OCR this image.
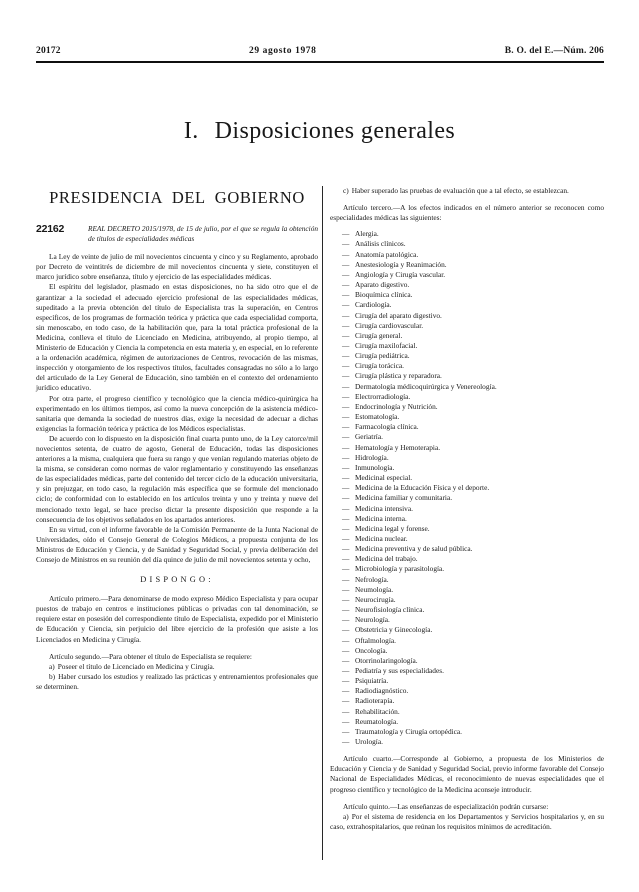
20172	29 agosto 1978	B. O. del E.—Núm. 206
I. Disposiciones generales
PRESIDENCIA DEL GOBIERNO
22162	REAL DECRETO 2015/1978, de 15 de julio, por el que se regula la obtención de títulos de especialidades médicas

La Ley de veinte de julio de mil novecientos cincuenta y cinco y su Reglamento, aprobado por Decreto de veintitrés de diciembre de mil novecientos cincuenta y siete, constituyen el marco jurídico sobre enseñanza, título y ejercicio de las especialidades médicas.

El espíritu del legislador, plasmado en estas disposiciones, no ha sido otro que el de garantizar a la sociedad el adecuado ejercicio profesional de las especialidades médicas, supeditado a la previa obtención del título de Especialista tras la superación, en Centros específicos, de los programas de formación teórica y práctica que cada especialidad comporta, sin menoscabo, en todo caso, de la habilitación que, para la total práctica profesional de la Medicina, conlleva el título de Licenciado en Medicina, atribuyendo, al propio tiempo, al Ministerio de Educación y Ciencia la competencia en esta materia y, en especial, en lo referente a la ordenación académica, régimen de autorizaciones de Centros, revocación de las mismas, inspección y otorgamiento de los respectivos títulos, facultades consagradas no sólo a lo largo del articulado de la Ley General de Educación, sino también en el contexto del ordenamiento jurídico educativo.

Por otra parte, el progreso científico y tecnológico que la ciencia médico-quirúrgica ha experimentado en los últimos tiempos, así como la nueva concepción de la asistencia médico-sanitaria que demanda la sociedad de nuestros días, exige la necesidad de adecuar a dichas exigencias la formación teórica y práctica de los Médicos especialistas.

De acuerdo con lo dispuesto en la disposición final cuarta punto uno, de la Ley catorce/mil novecientos setenta, de cuatro de agosto, General de Educación, todas las disposiciones anteriores a la misma, cualquiera que fuera su rango y que venían regulando materias objeto de la misma, se consideran como normas de valor reglamentario y constituyendo las enseñanzas de las especialidades médicas, parte del contenido del tercer ciclo de la educación universitaria, y sin prejuzgar, en todo caso, la regulación más específica que se formule del mencionado ciclo; de conformidad con lo establecido en los artículos treinta y uno y treinta y nueve del mencionado texto legal, se hace preciso dictar la presente disposición que responde a la consecuencia de los objetivos señalados en los apartados anteriores.

En su virtud, con el informe favorable de la Comisión Permanente de la Junta Nacional de Universidades, oído el Consejo General de Colegios Médicos, a propuesta conjunta de los Ministros de Educación y Ciencia, y de Sanidad y Seguridad Social, y previa deliberación del Consejo de Ministros en su reunión del día quince de julio de mil novecientos setenta y ocho,

DISPONGO:

Artículo primero.—Para denominarse de modo expreso Médico Especialista y para ocupar puestos de trabajo en centros e instituciones públicas o privadas con tal denominación, se requiere estar en posesión del correspondiente título de Especialista, expedido por el Ministerio de Educación y Ciencia, sin perjuicio del libre ejercicio de la profesión que asiste a los Licenciados en Medicina y Cirugía.

Artículo segundo.—Para obtener el título de Especialista se requiere:

a) Poseer el título de Licenciado en Medicina y Cirugía.

b) Haber cursado los estudios y realizado las prácticas y entrenamientos profesionales que se determinen.

c) Haber superado las pruebas de evaluación que a tal efecto, se establezcan.

Artículo tercero.—A los efectos indicados en el número anterior se reconocen como especialidades médicas las siguientes:

— Alergia.
— Análisis clínicos.
— Anatomía patológica.
— Anestesiología y Reanimación.
— Angiología y Cirugía vascular.
— Aparato digestivo.
— Bioquímica clínica.
— Cardiología.
— Cirugía del aparato digestivo.
— Cirugía cardiovascular.
— Cirugía general.
— Cirugía maxilofacial.
— Cirugía pediátrica.
— Cirugía torácica.
— Cirugía plástica y reparadora.
— Dermatología médicoquirúrgica y Venereología.
— Electrorradiología.
— Endocrinología y Nutrición.
— Estomatología.
— Farmacología clínica.
— Geriatría.
— Hematología y Hemoterapia.
— Hidrología.
— Inmunología.
— Medicinal especial.
— Medicina de la Educación Física y el deporte.
— Medicina familiar y comunitaria.
— Medicina intensiva.
— Medicina interna.
— Medicina legal y forense.
— Medicina nuclear.
— Medicina preventiva y de salud pública.
— Medicina del trabajo.
— Microbiología y parasitología.
— Nefrología.
— Neumología.
— Neurocirugía.
— Neurofisiología clínica.
— Neurología.
— Obstetricia y Ginecología.
— Oftalmología.
— Oncología.
— Otorrinolaringología.
— Pediatría y sus especialidades.
— Psiquiatría.
— Radiodiagnóstico.
— Radioterapía.
— Rehabilitación.
— Reumatología.
— Traumatología y Cirugía ortopédica.
— Urología.

Artículo cuarto.—Corresponde al Gobierno, a propuesta de los Ministerios de Educación y Ciencia y de Sanidad y Seguridad Social, previo informe favorable del Consejo Nacional de Especialidades Médicas, el reconocimiento de nuevas especialidades que el progreso científico y tecnológico de la Medicina aconseje introducir.

Artículo quinto.—Las enseñanzas de especialización podrán cursarse:

a) Por el sistema de residencia en los Departamentos y Servicios hospitalarios y, en su caso, extrahospitalarios, que reúnan los requisitos mínimos de acreditación.
